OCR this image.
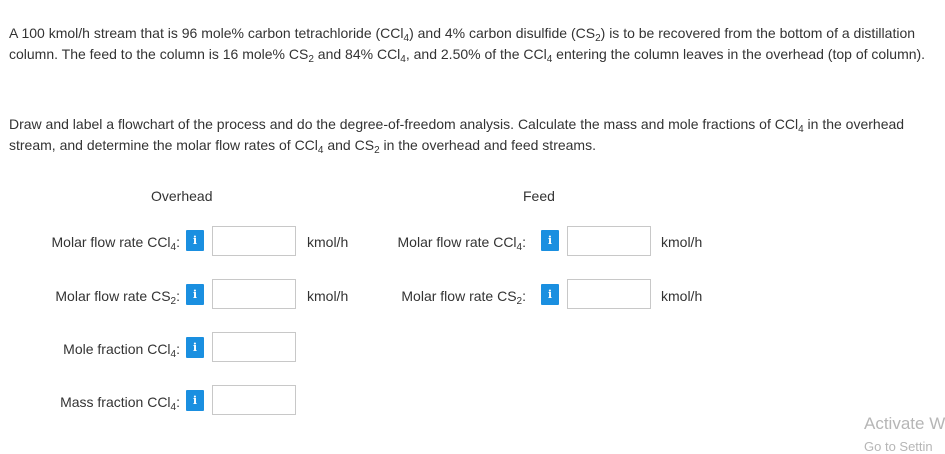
A 100 kmol/h stream that is 96 mole% carbon tetrachloride (CCl$_4$) and 4% carbon disulfide $(CS_2)$ is to be recovered from the bottom of a distillation column. The feed to the column is 16 mole% $CS_2$ and 84% CCl$_4$, and 2.50% of the CCl$_4$ entering the column leaves in the overhead (top of column).

Draw and label a flowchart of the process and do the degree-of-freedom analysis. Calculate the mass and mole fractions of CCl$_4$ in the overhead stream, and determine the molar flow rates of CCl$_4$ and $CS_2$ in the overhead and feed streams.

Overhead	Feed
Molar flow rate CCl$_4$:	i	kmol/h
Molar flow rate $CS_2$:	i	kmol/h
Mole fraction CCl$_4$:	i
Mass fraction CCl$_4$:	i
Molar flow rate CCl$_4$:	i	kmol/h
Molar flow rate $CS_2$:	i	kmol/h
Activate W
Go to Settin
